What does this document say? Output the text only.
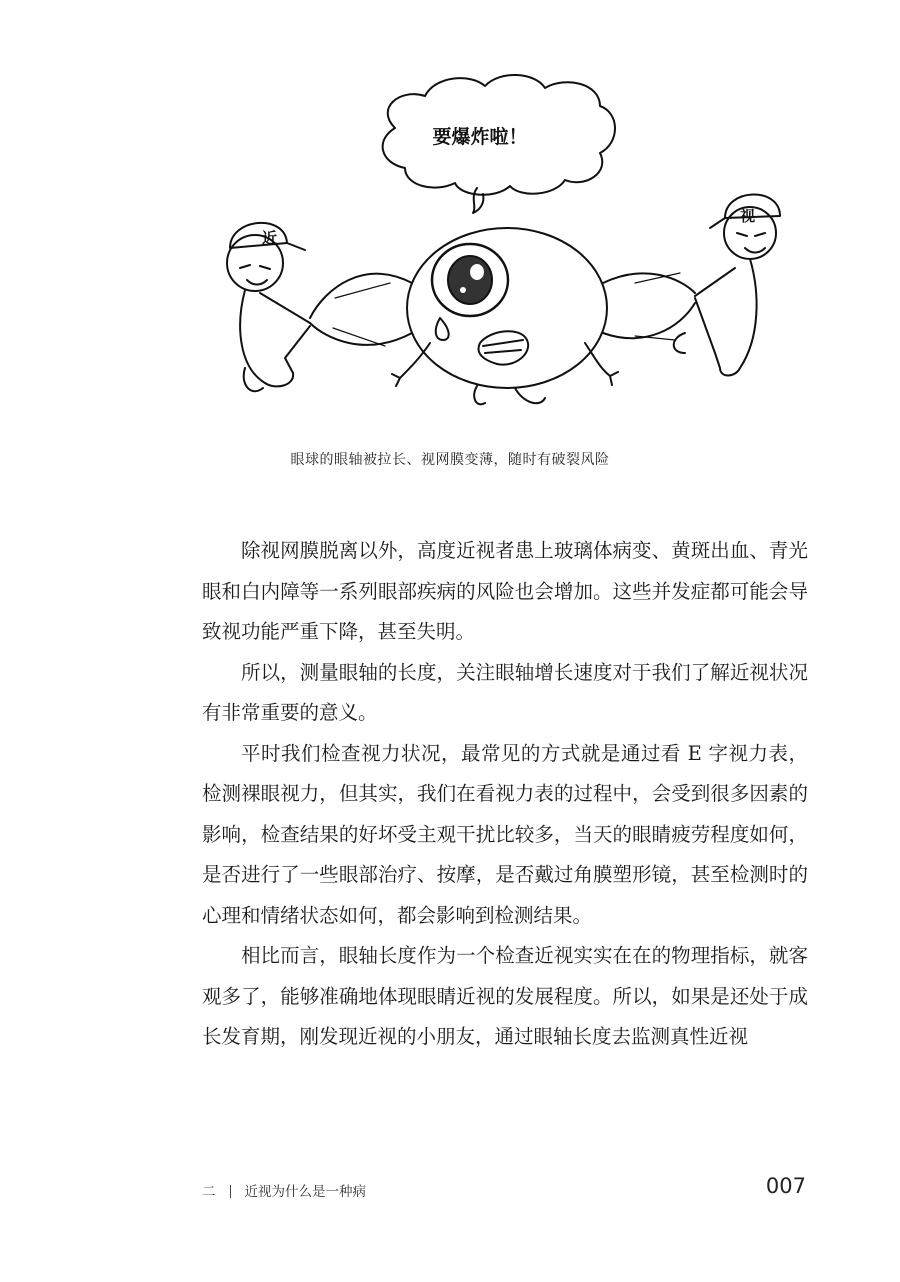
要爆炸啦！
近
视
眼球的眼轴被拉长、视网膜变薄，随时有破裂风险

除视网膜脱离以外，高度近视者患上玻璃体病变、黄斑出血、青光眼和白内障等一系列眼部疾病的风险也会增加。这些并发症都可能会导致视功能严重下降，甚至失明。

所以，测量眼轴的长度，关注眼轴增长速度对于我们了解近视状况有非常重要的意义。

平时我们检查视力状况，最常见的方式就是通过看 E 字视力表，检测裸眼视力，但其实，我们在看视力表的过程中，会受到很多因素的影响，检查结果的好坏受主观干扰比较多，当天的眼睛疲劳程度如何，是否进行了一些眼部治疗、按摩，是否戴过角膜塑形镜，甚至检测时的心理和情绪状态如何，都会影响到检测结果。

相比而言，眼轴长度作为一个检查近视实实在在的物理指标，就客观多了，能够准确地体现眼睛近视的发展程度。所以，如果是还处于成长发育期，刚发现近视的小朋友，通过眼轴长度去监测真性近视

二 近视为什么是一种病	007
